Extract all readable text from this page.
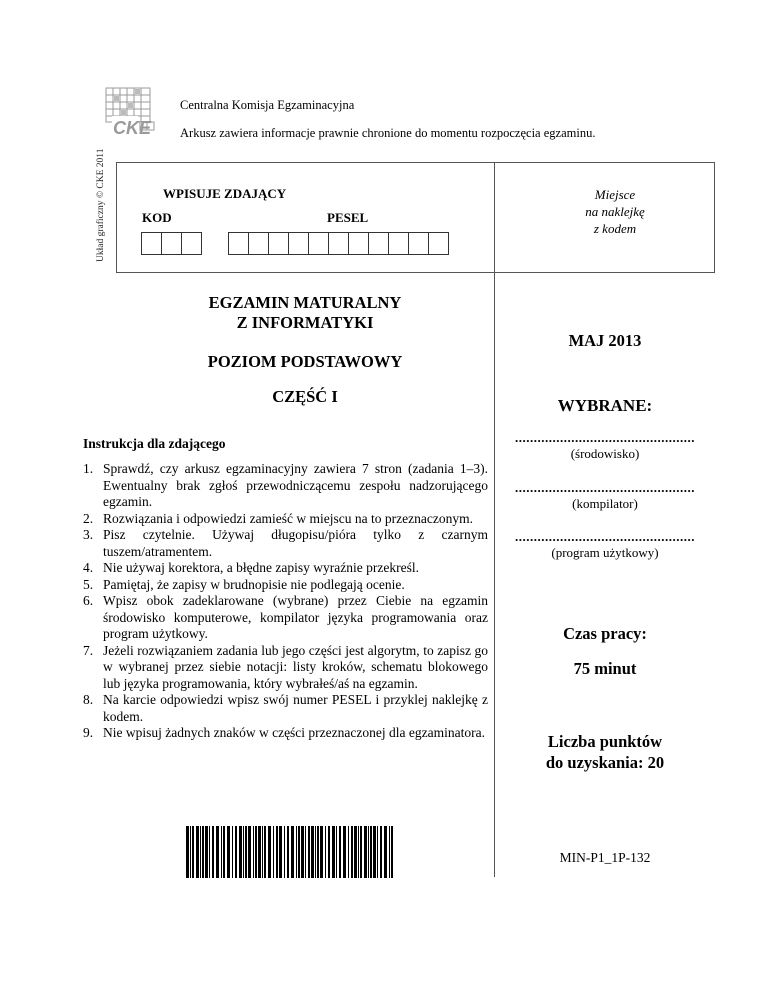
Układ graficzny © CKE 2011
CKE
Centralna Komisja Egzaminacyjna
Arkusz zawiera informacje prawnie chronione do momentu rozpoczęcia egzaminu.
WPISUJE ZDAJĄCY
KOD	PESEL
Miejsce
na naklejkę
z kodem
EGZAMIN MATURALNY
Z INFORMATYKI
POZIOM PODSTAWOWY
CZĘŚĆ I
Instrukcja dla zdającego
1. Sprawdź, czy arkusz egzaminacyjny zawiera 7 stron (zadania 1–3). Ewentualny brak zgłoś przewodniczącemu zespołu nadzorującego egzamin.
2. Rozwiązania i odpowiedzi zamieść w miejscu na to przeznaczonym.
3. Pisz czytelnie. Używaj długopisu/pióra tylko z czarnym tuszem/atramentem.
4. Nie używaj korektora, a błędne zapisy wyraźnie przekreśl.
5. Pamiętaj, że zapisy w brudnopisie nie podlegają ocenie.
6. Wpisz obok zadeklarowane (wybrane) przez Ciebie na egzamin środowisko komputerowe, kompilator języka programowania oraz program użytkowy.
7. Jeżeli rozwiązaniem zadania lub jego części jest algorytm, to zapisz go w wybranej przez siebie notacji: listy kroków, schematu blokowego lub języka programowania, który wybrałeś/aś na egzamin.
8. Na karcie odpowiedzi wpisz swój numer PESEL i przyklej naklejkę z kodem.
9. Nie wpisuj żadnych znaków w części przeznaczonej dla egzaminatora.
MAJ 2013
WYBRANE:
................................................
(środowisko)
................................................
(kompilator)
................................................
(program użytkowy)
Czas pracy:
75 minut
Liczba punktów
do uzyskania: 20
MIN-P1_1P-132
